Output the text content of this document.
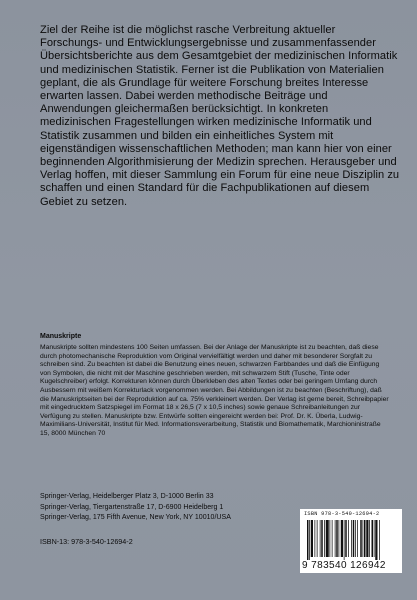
Ziel der Reihe ist die möglichst rasche Verbreitung aktueller Forschungs- und Entwicklungsergebnisse und zusammenfassender Übersichtsberichte aus dem Gesamtgebiet der medizinischen Informatik und medizinischen Statistik. Ferner ist die Publikation von Materialien geplant, die als Grundlage für weitere Forschung breites Interesse erwarten lassen. Dabei werden methodische Beiträge und Anwendungen gleichermaßen berücksichtigt. In konkreten medizinischen Fragestellungen wirken medizinische Informatik und Statistik zusammen und bilden ein einheitliches System mit eigenständigen wissenschaftlichen Methoden; man kann hier von einer beginnenden Algorithmisierung der Medizin sprechen. Herausgeber und Verlag hoffen, mit dieser Sammlung ein Forum für eine neue Disziplin zu schaffen und einen Standard für die Fachpublikationen auf diesem Gebiet zu setzen.

Manuskripte

Manuskripte sollten mindestens 100 Seiten umfassen. Bei der Anlage der Manuskripte ist zu beachten, daß diese durch photomechanische Reproduktion vom Original vervielfältigt werden und daher mit besonderer Sorgfalt zu schreiben sind. Zu beachten ist dabei die Benutzung eines neuen, schwarzen Farbbandes und daß die Einfügung von Symbolen, die nicht mit der Maschine geschrieben werden, mit schwarzem Stift (Tusche, Tinte oder Kugelschreiber) erfolgt. Korrekturen können durch Überkleben des alten Textes oder bei geringem Umfang durch Ausbessern mit weißem Korrekturlack vorgenommen werden. Bei Abbildungen ist zu beachten (Beschriftung), daß die Manuskriptseiten bei der Reproduktion auf ca. 75% verkleinert werden. Der Verlag ist gerne bereit, Schreibpapier mit eingedrucktem Satzspiegel im Format 18 x 26,5 (7 x 10,5 inches) sowie genaue Schreibanleitungen zur Verfügung zu stellen. Manuskripte bzw. Entwürfe sollten eingereicht werden bei: Prof. Dr. K. Überla, Ludwig-Maximilians-Universität, Institut für Med. Informationsverarbeitung, Statistik und Biomathematik, Marchioninistraße 15, 8000 München 70

Springer-Verlag, Heidelberger Platz 3, D-1000 Berlin 33
Springer-Verlag, Tiergartenstraße 17, D-6900 Heidelberg 1
Springer-Verlag, 175 Fifth Avenue, New York, NY 10010/USA

ISBN-13: 978-3-540-12694-2

ISBN 978-3-540-12694-2
9 783540 126942
